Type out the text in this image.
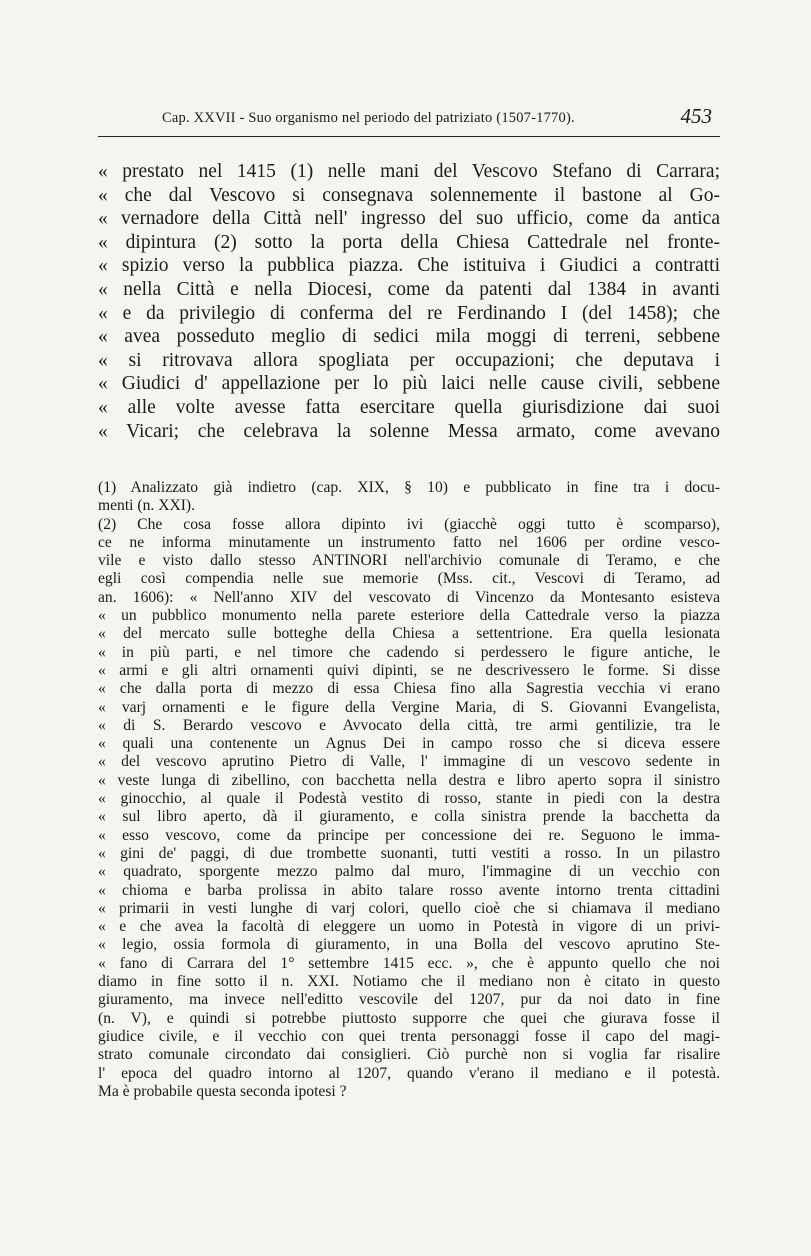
Cap. XXVII - Suo organismo nel periodo del patriziato (1507-1770).	453
« prestato nel 1415 (1) nelle mani del Vescovo Stefano di Carrara;
« che dal Vescovo si consegnava solennemente il bastone al Go-
« vernadore della Città nell' ingresso del suo ufficio, come da antica
« dipintura (2) sotto la porta della Chiesa Cattedrale nel fronte-
« spizio verso la pubblica piazza. Che istituiva i Giudici a contratti
« nella Città e nella Diocesi, come da patenti dal 1384 in avanti
« e da privilegio di conferma del re Ferdinando I (del 1458); che
« avea posseduto meglio di sedici mila moggi di terreni, sebbene
« si ritrovava allora spogliata per occupazioni; che deputava i
« Giudici d' appellazione per lo più laici nelle cause civili, sebbene
« alle volte avesse fatta esercitare quella giurisdizione dai suoi
« Vicari; che celebrava la solenne Messa armato, come avevano
(1) Analizzato già indietro (cap. XIX, § 10) e pubblicato in fine tra i docu-
menti (n. XXI).
(2) Che cosa fosse allora dipinto ivi (giacchè oggi tutto è scomparso),
ce ne informa minutamente un instrumento fatto nel 1606 per ordine vesco-
vile e visto dallo stesso ANTINORI nell'archivio comunale di Teramo, e che
egli così compendia nelle sue memorie (Mss. cit., Vescovi di Teramo, ad
an. 1606): « Nell'anno XIV del vescovato di Vincenzo da Montesanto esisteva
« un pubblico monumento nella parete esteriore della Cattedrale verso la piazza
« del mercato sulle botteghe della Chiesa a settentrione. Era quella lesionata
« in più parti, e nel timore che cadendo si perdessero le figure antiche, le
« armi e gli altri ornamenti quivi dipinti, se ne descrivessero le forme. Si disse
« che dalla porta di mezzo di essa Chiesa fino alla Sagrestia vecchia vi erano
« varj ornamenti e le figure della Vergine Maria, di S. Giovanni Evangelista,
« di S. Berardo vescovo e Avvocato della città, tre armi gentilizie, tra le
« quali una contenente un Agnus Dei in campo rosso che si diceva essere
« del vescovo aprutino Pietro di Valle, l' immagine di un vescovo sedente in
« veste lunga di zibellino, con bacchetta nella destra e libro aperto sopra il sinistro
« ginocchio, al quale il Podestà vestito di rosso, stante in piedi con la destra
« sul libro aperto, dà il giuramento, e colla sinistra prende la bacchetta da
« esso vescovo, come da principe per concessione dei re. Seguono le imma-
« gini de' paggi, di due trombette suonanti, tutti vestiti a rosso. In un pilastro
« quadrato, sporgente mezzo palmo dal muro, l'immagine di un vecchio con
« chioma e barba prolissa in abito talare rosso avente intorno trenta cittadini
« primarii in vesti lunghe di varj colori, quello cioè che si chiamava il mediano
« e che avea la facoltà di eleggere un uomo in Potestà in vigore di un privi-
« legio, ossia formola di giuramento, in una Bolla del vescovo aprutino Ste-
« fano di Carrara del 1° settembre 1415 ecc. », che è appunto quello che noi
diamo in fine sotto il n. XXI. Notiamo che il mediano non è citato in questo
giuramento, ma invece nell'editto vescovile del 1207, pur da noi dato in fine
(n. V), e quindi si potrebbe piuttosto supporre che quei che giurava fosse il
giudice civile, e il vecchio con quei trenta personaggi fosse il capo del magi-
strato comunale circondato dai consiglieri. Ciò purchè non si voglia far risalire
l' epoca del quadro intorno al 1207, quando v'erano il mediano e il potestà.
Ma è probabile questa seconda ipotesi ?
